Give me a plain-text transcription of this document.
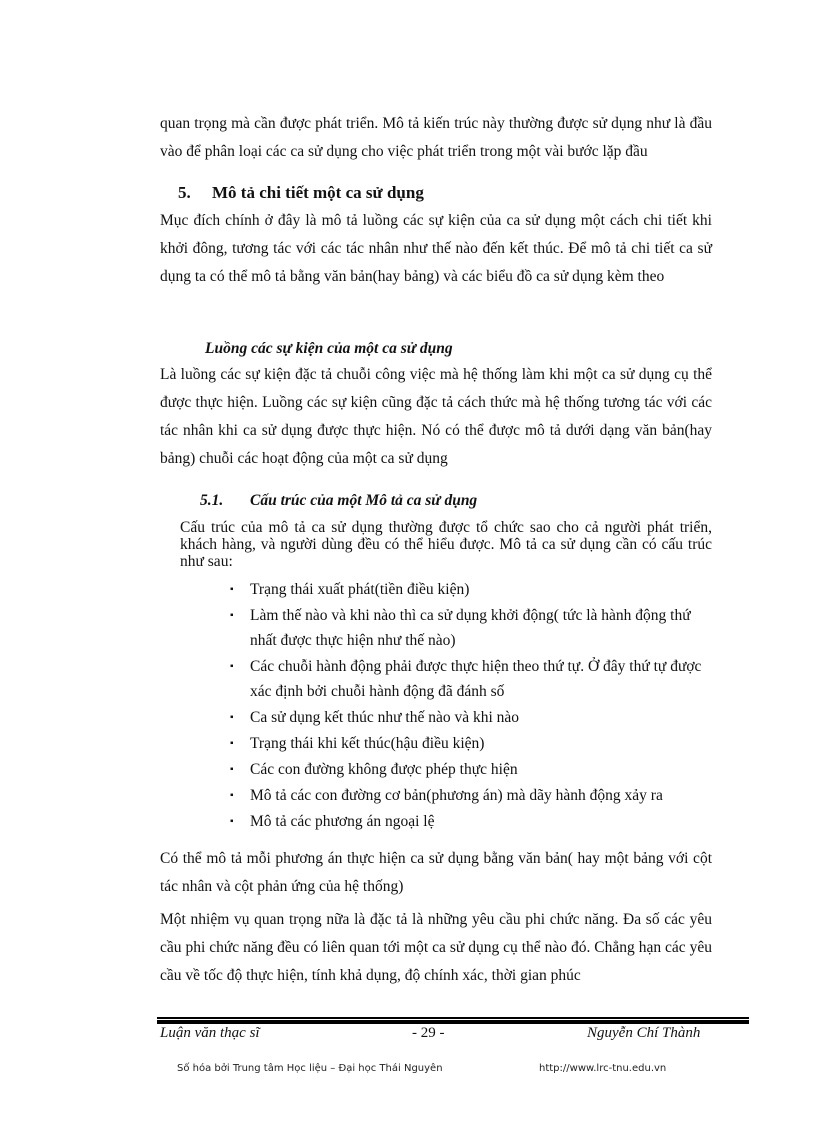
quan trọng mà cần được phát triển. Mô tả kiến trúc này thường được sử dụng như là đầu vào để phân loại các ca sử dụng cho việc phát triển trong một vài bước lặp đầu

5. Mô tả chi tiết một ca sử dụng

Mục đích chính ở đây là mô tả luồng các sự kiện của ca sử dụng một cách chi tiết khi khởi đông, tương tác với các tác nhân như thế nào đến kết thúc. Để mô tả chi tiết ca sử dụng ta có thể mô tả bằng văn bản(hay bảng) và các biểu đồ ca sử dụng kèm theo

Luồng các sự kiện của một ca sử dụng

Là luồng các sự kiện đặc tả chuỗi công việc mà hệ thống làm khi một ca sử dụng cụ thể được thực hiện. Luồng các sự kiện cũng đặc tả cách thức mà hệ thống tương tác với các tác nhân khi ca sử dụng được thực hiện. Nó có thể được mô tả dưới dạng văn bản(hay bảng) chuỗi các hoạt động của một ca sử dụng

5.1. Cấu trúc của một Mô tả ca sử dụng

Cấu trúc của mô tả ca sử dụng thường được tổ chức sao cho cả người phát triển, khách hàng, và người dùng đều có thể hiểu được. Mô tả ca sử dụng cần có cấu trúc như sau:

▪ Trạng thái xuất phát(tiền điều kiện)
▪ Làm thế nào và khi nào thì ca sử dụng khởi động( tức là hành động thứ nhất được thực hiện như thế nào)
▪ Các chuỗi hành động phải được thực hiện theo thứ tự. Ở đây thứ tự được xác định bởi chuỗi hành động đã đánh số
▪ Ca sử dụng kết thúc như thế nào và khi nào
▪ Trạng thái khi kết thúc(hậu điều kiện)
▪ Các con đường không được phép thực hiện
▪ Mô tả các con đường cơ bản(phương án) mà dãy hành động xảy ra
▪ Mô tả các phương án ngoại lệ

Có thể mô tả mỗi phương án thực hiện ca sử dụng bằng văn bản( hay một bảng với cột tác nhân và cột phản ứng của hệ thống)

Một nhiệm vụ quan trọng nữa là đặc tả là những yêu cầu phi chức năng. Đa số các yêu cầu phi chức năng đều có liên quan tới một ca sử dụng cụ thể nào đó. Chẳng hạn các yêu cầu về tốc độ thực hiện, tính khả dụng, độ chính xác, thời gian phúc

Luận văn thạc sĩ	- 29 -	Nguyễn Chí Thành
Số hóa bởi Trung tâm Học liệu – Đại học Thái Nguyên	http://www.lrc-tnu.edu.vn
